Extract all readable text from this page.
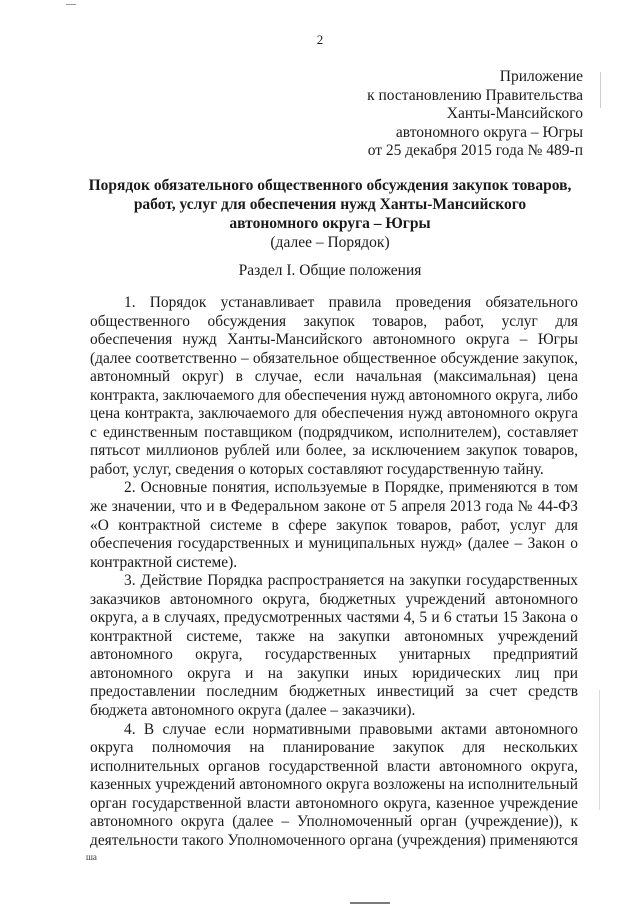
2
Приложение
к постановлению Правительства
Ханты-Мансийского
автономного округа – Югры
от 25 декабря 2015 года № 489-п
Порядок обязательного общественного обсуждения закупок товаров,
работ, услуг для обеспечения нужд Ханты-Мансийского
автономного округа – Югры
(далее – Порядок)
Раздел I. Общие положения

1. Порядок устанавливает правила проведения обязательного общественного обсуждения закупок товаров, работ, услуг для обеспечения нужд Ханты-Мансийского автономного округа – Югры (далее соответственно – обязательное общественное обсуждение закупок, автономный округ) в случае, если начальная (максимальная) цена контракта, заключаемого для обеспечения нужд автономного округа, либо цена контракта, заключаемого для обеспечения нужд автономного округа с единственным поставщиком (подрядчиком, исполнителем), составляет пятьсот миллионов рублей или более, за исключением закупок товаров, работ, услуг, сведения о которых составляют государственную тайну.

2. Основные понятия, используемые в Порядке, применяются в том же значении, что и в Федеральном законе от 5 апреля 2013 года № 44-ФЗ «О контрактной системе в сфере закупок товаров, работ, услуг для обеспечения государственных и муниципальных нужд» (далее – Закон о контрактной системе).

3. Действие Порядка распространяется на закупки государственных заказчиков автономного округа, бюджетных учреждений автономного округа, а в случаях, предусмотренных частями 4, 5 и 6 статьи 15 Закона о контрактной системе, также на закупки автономных учреждений автономного округа, государственных унитарных предприятий автономного округа и на закупки иных юридических лиц при предоставлении последним бюджетных инвестиций за счет средств бюджета автономного округа (далее – заказчики).

4. В случае если нормативными правовыми актами автономного округа полномочия на планирование закупок для нескольких исполнительных органов государственной власти автономного округа, казенных учреждений автономного округа возложены на исполнительный орган государственной власти автономного округа, казенное учреждение автономного округа (далее – Уполномоченный орган (учреждение)), к деятельности такого Уполномоченного органа (учреждения) применяются

ша
